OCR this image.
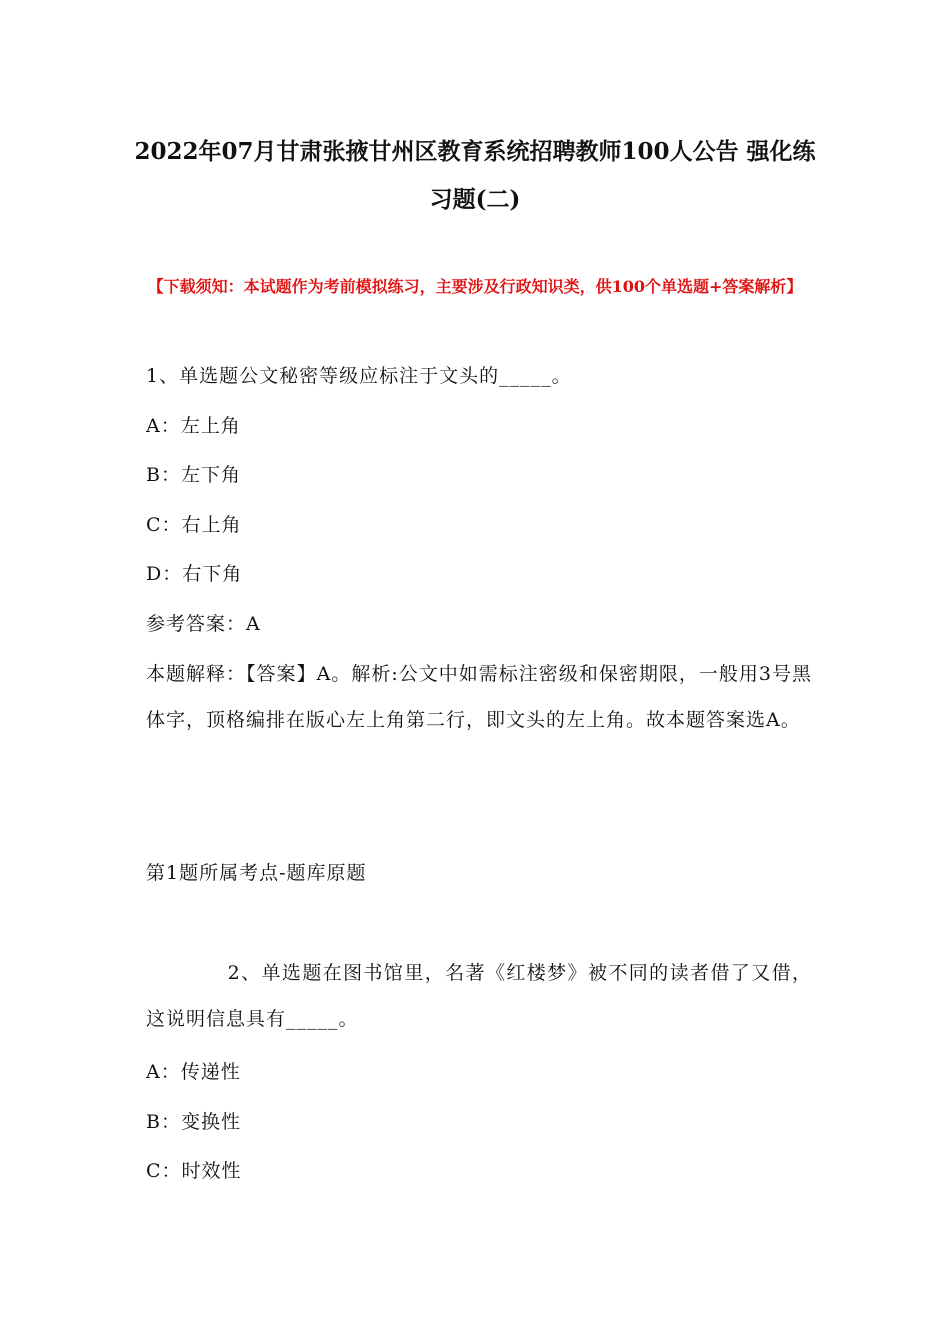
2022年07月甘肃张掖甘州区教育系统招聘教师100人公告 强化练习题(二)
【下载须知：本试题作为考前模拟练习，主要涉及行政知识类，供100个单选题+答案解析】
1、单选题公文秘密等级应标注于文头的_____。
A：左上角
B：左下角
C：右上角
D：右下角
参考答案：A
本题解释：【答案】A。解析:公文中如需标注密级和保密期限，一般用3号黑体字，顶格编排在版心左上角第二行，即文头的左上角。故本题答案选A。
第1题所属考点-题库原题
　　　　2、单选题在图书馆里，名著《红楼梦》被不同的读者借了又借，这说明信息具有_____。
A：传递性
B：变换性
C：时效性
